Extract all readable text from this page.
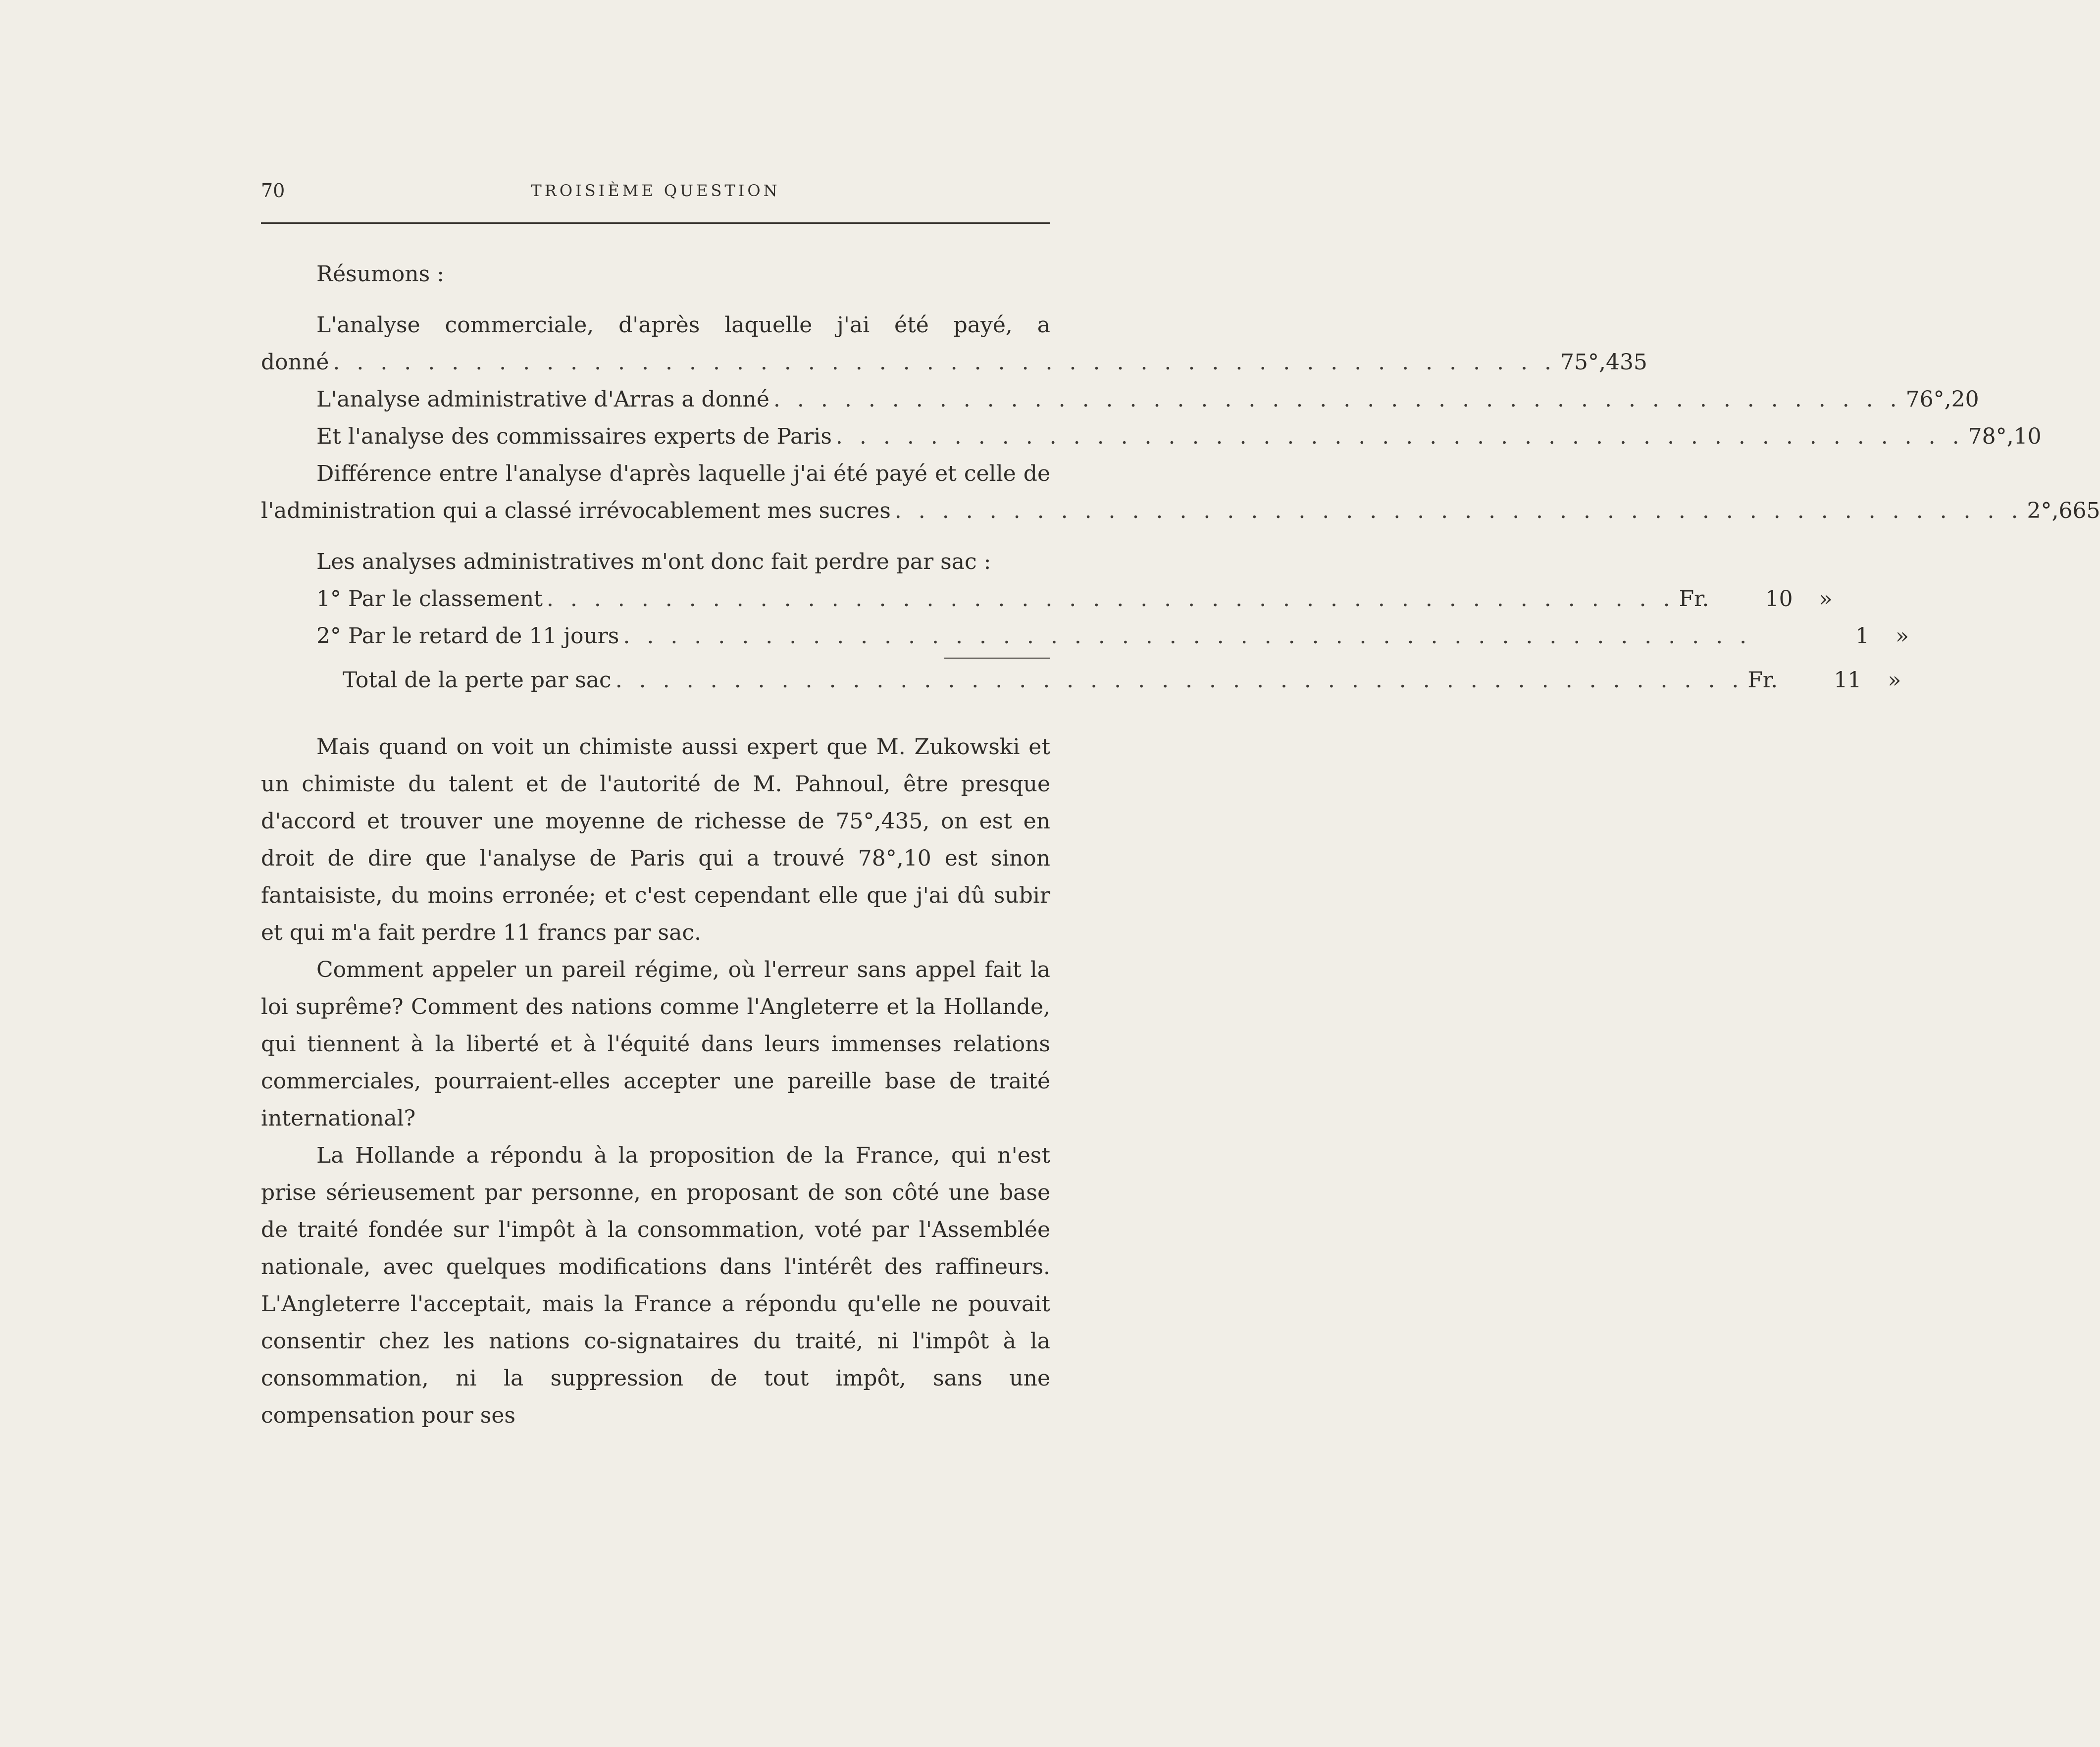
70	TROISIÈME QUESTION
Résumons :
L'analyse commerciale, d'après laquelle j'ai été payé, a
donné . . . . . . . . . . . . . . . . . . . . . . . . . . . . . . . . . . . . . . . . . . . . . . . . . . . . 75°,435
L'analyse administrative d'Arras a donné . . . . . . . . . . . . . . . . . . . . . . . . . . . . . . . . . . . . . . . . . . . . . . . . 76°,20
Et l'analyse des commissaires experts de Paris . . . . . . . . . . . . . . . . . . . . . . . . . . . . . . . . . . . . . . . . . . . . . . . . 78°,10
Différence entre l'analyse d'après laquelle j'ai été payé et celle de
l'administration qui a classé irrévocablement mes sucres . . . . . . . . . . . . . . . . . . . . . . . . . . . . . . . . . . . . . . . . . . . . . . . . 2°,665
Les analyses administratives m'ont donc fait perdre par sac :
1° Par le classement . . . . . . . . . . . . . . . . . . . . . . . . . . . . . . . . . . . . . . . . . . . . . . . . Fr.	10	»
2° Par le retard de 11 jours . . . . . . . . . . . . . . . . . . . . . . . . . . . . . . . . . . . . . . . . . . . . . . . .	1	»
Total de la perte par sac . . . . . . . . . . . . . . . . . . . . . . . . . . . . . . . . . . . . . . . . . . . . . . . . Fr.	11	»

Mais quand on voit un chimiste aussi expert que M. Zukowski et un chimiste du talent et de l'autorité de M. Pahnoul, être presque d'accord et trouver une moyenne de richesse de 75°,435, on est en droit de dire que l'analyse de Paris qui a trouvé 78°,10 est sinon fantaisiste, du moins erronée; et c'est cependant elle que j'ai dû subir et qui m'a fait perdre 11 francs par sac.

Comment appeler un pareil régime, où l'erreur sans appel fait la loi suprême? Comment des nations comme l'Angleterre et la Hollande, qui tiennent à la liberté et à l'équité dans leurs immenses relations commerciales, pourraient-elles accepter une pareille base de traité international?

La Hollande a répondu à la proposition de la France, qui n'est prise sérieusement par personne, en proposant de son côté une base de traité fondée sur l'impôt à la consommation, voté par l'Assemblée nationale, avec quelques modifications dans l'intérêt des raffineurs. L'Angleterre l'acceptait, mais la France a répondu qu'elle ne pouvait consentir chez les nations co-signataires du traité, ni l'impôt à la consommation, ni la suppression de tout impôt, sans une compensation pour ses
